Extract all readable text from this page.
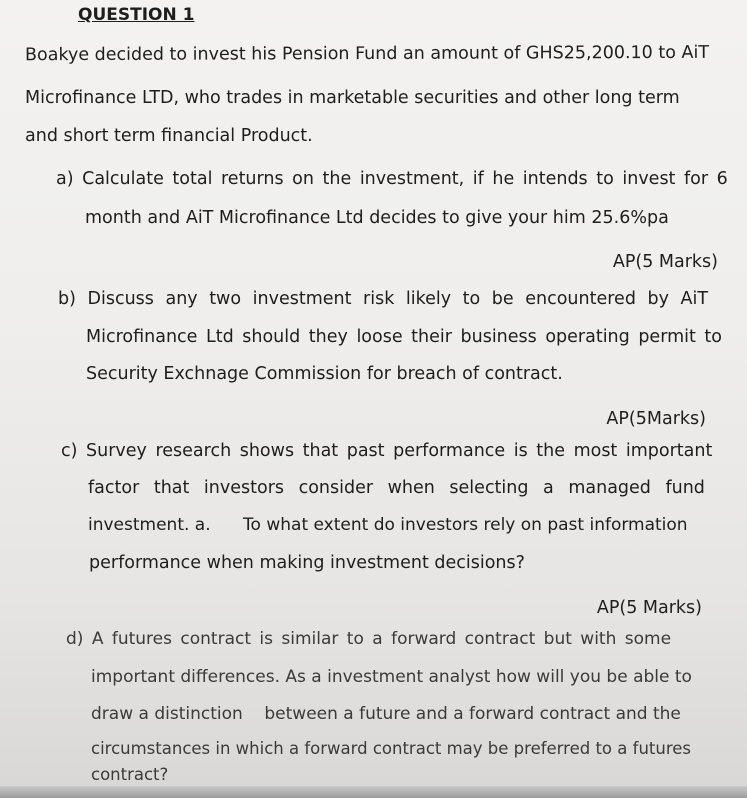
QUESTION 1
Boakye decided to invest his Pension Fund an amount of GHS25,200.10 to AiT
Microfinance LTD, who trades in marketable securities and other long term
and short term financial Product.
a) Calculate total returns on the investment, if he intends to invest for 6
month and AiT Microfinance Ltd decides to give your him 25.6%pa
AP(5 Marks)
b) Discuss any two investment risk likely to be encountered by AiT
Microfinance Ltd should they loose their business operating permit to
Security Exchnage Commission for breach of contract.
AP(5Marks)
c) Survey research shows that past performance is the most important
factor that investors consider when selecting a managed fund
investment. a.      To what extent do investors rely on past information
performance when making investment decisions?
AP(5 Marks)
d) A futures contract is similar to a forward contract but with some
important differences. As a investment analyst how will you be able to
draw a distinction    between a future and a forward contract and the
circumstances in which a forward contract may be preferred to a futures
contract?
